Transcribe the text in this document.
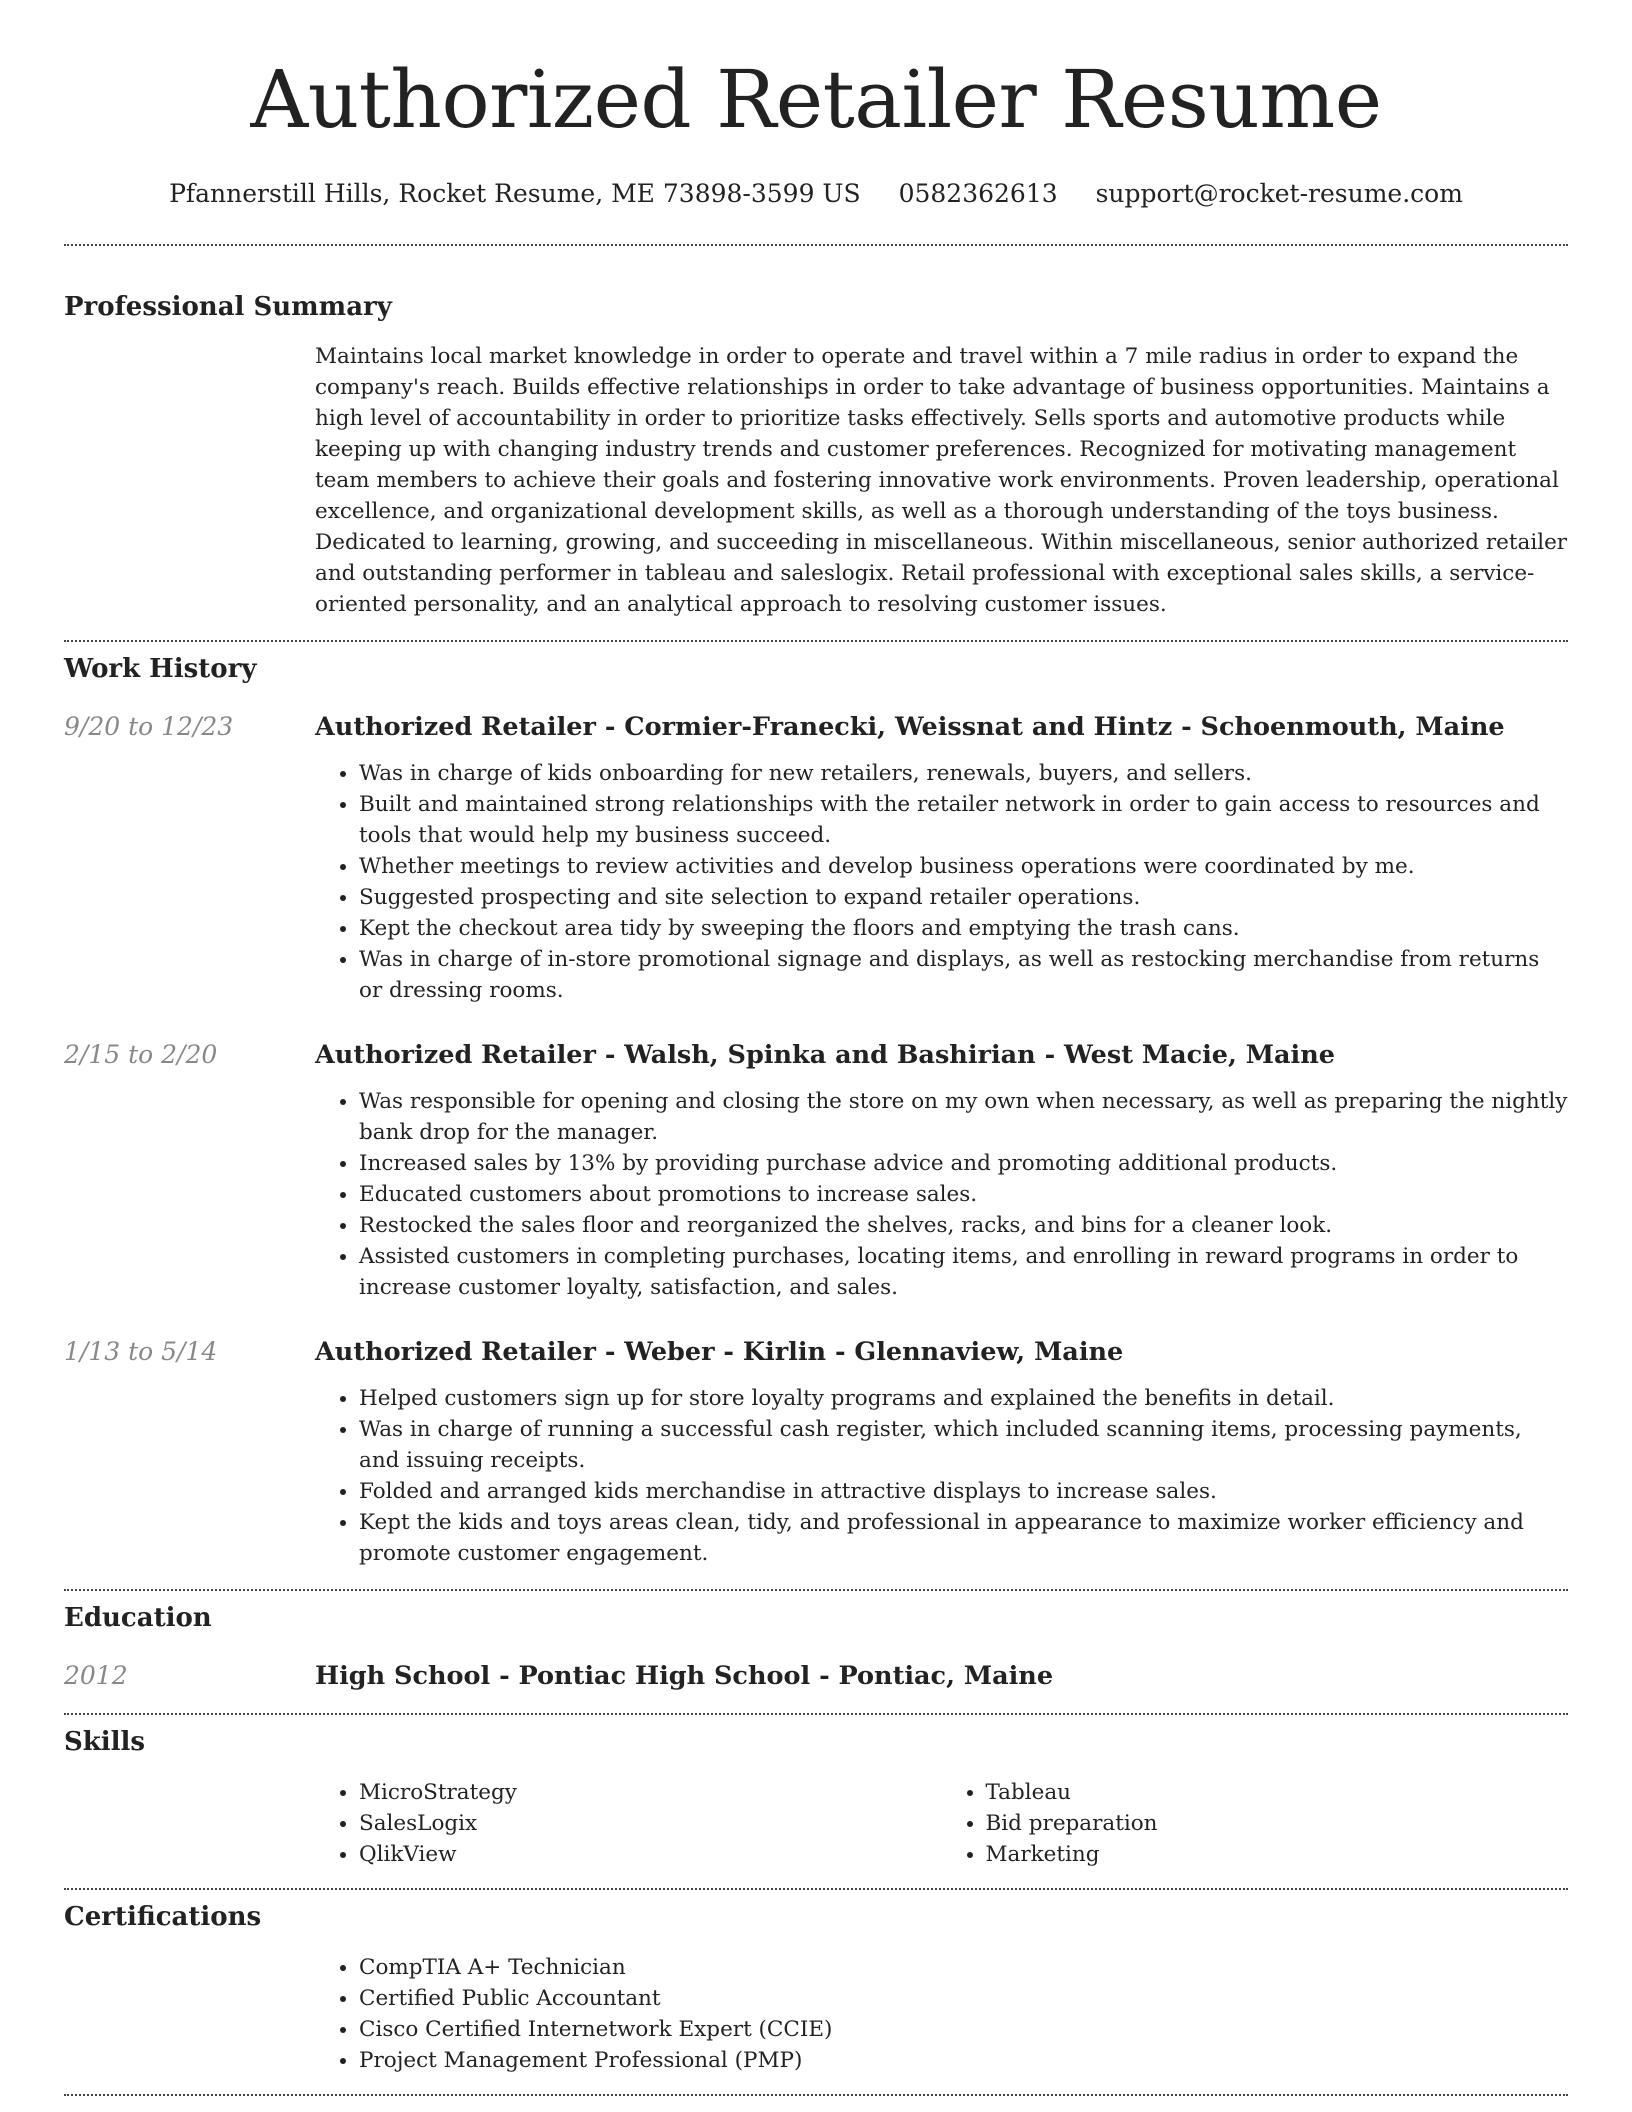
Authorized Retailer Resume
Pfannerstill Hills, Rocket Resume, ME 73898-3599 US 0582362613 support@rocket-resume.com
Professional Summary

Maintains local market knowledge in order to operate and travel within a 7 mile radius in order to expand the company's reach. Builds effective relationships in order to take advantage of business opportunities. Maintains a high level of accountability in order to prioritize tasks effectively. Sells sports and automotive products while keeping up with changing industry trends and customer preferences. Recognized for motivating management team members to achieve their goals and fostering innovative work environments. Proven leadership, operational excellence, and organizational development skills, as well as a thorough understanding of the toys business. Dedicated to learning, growing, and succeeding in miscellaneous. Within miscellaneous, senior authorized retailer and outstanding performer in tableau and saleslogix. Retail professional with exceptional sales skills, a service-oriented personality, and an analytical approach to resolving customer issues.

Work History
9/20 to 12/23	Authorized Retailer - Cormier-Franecki, Weissnat and Hintz - Schoenmouth, Maine
• Was in charge of kids onboarding for new retailers, renewals, buyers, and sellers.
• Built and maintained strong relationships with the retailer network in order to gain access to resources and tools that would help my business succeed.
• Whether meetings to review activities and develop business operations were coordinated by me.
• Suggested prospecting and site selection to expand retailer operations.
• Kept the checkout area tidy by sweeping the floors and emptying the trash cans.
• Was in charge of in-store promotional signage and displays, as well as restocking merchandise from returns or dressing rooms.
2/15 to 2/20	Authorized Retailer - Walsh, Spinka and Bashirian - West Macie, Maine
• Was responsible for opening and closing the store on my own when necessary, as well as preparing the nightly bank drop for the manager.
• Increased sales by 13% by providing purchase advice and promoting additional products.
• Educated customers about promotions to increase sales.
• Restocked the sales floor and reorganized the shelves, racks, and bins for a cleaner look.
• Assisted customers in completing purchases, locating items, and enrolling in reward programs in order to increase customer loyalty, satisfaction, and sales.
1/13 to 5/14	Authorized Retailer - Weber - Kirlin - Glennaview, Maine
• Helped customers sign up for store loyalty programs and explained the benefits in detail.
• Was in charge of running a successful cash register, which included scanning items, processing payments, and issuing receipts.
• Folded and arranged kids merchandise in attractive displays to increase sales.
• Kept the kids and toys areas clean, tidy, and professional in appearance to maximize worker efficiency and promote customer engagement.
Education
2012	High School - Pontiac High School - Pontiac, Maine
Skills
• MicroStrategy
• SalesLogix
• QlikView
• Tableau
• Bid preparation
• Marketing
Certifications
• CompTIA A+ Technician
• Certified Public Accountant
• Cisco Certified Internetwork Expert (CCIE)
• Project Management Professional (PMP)
